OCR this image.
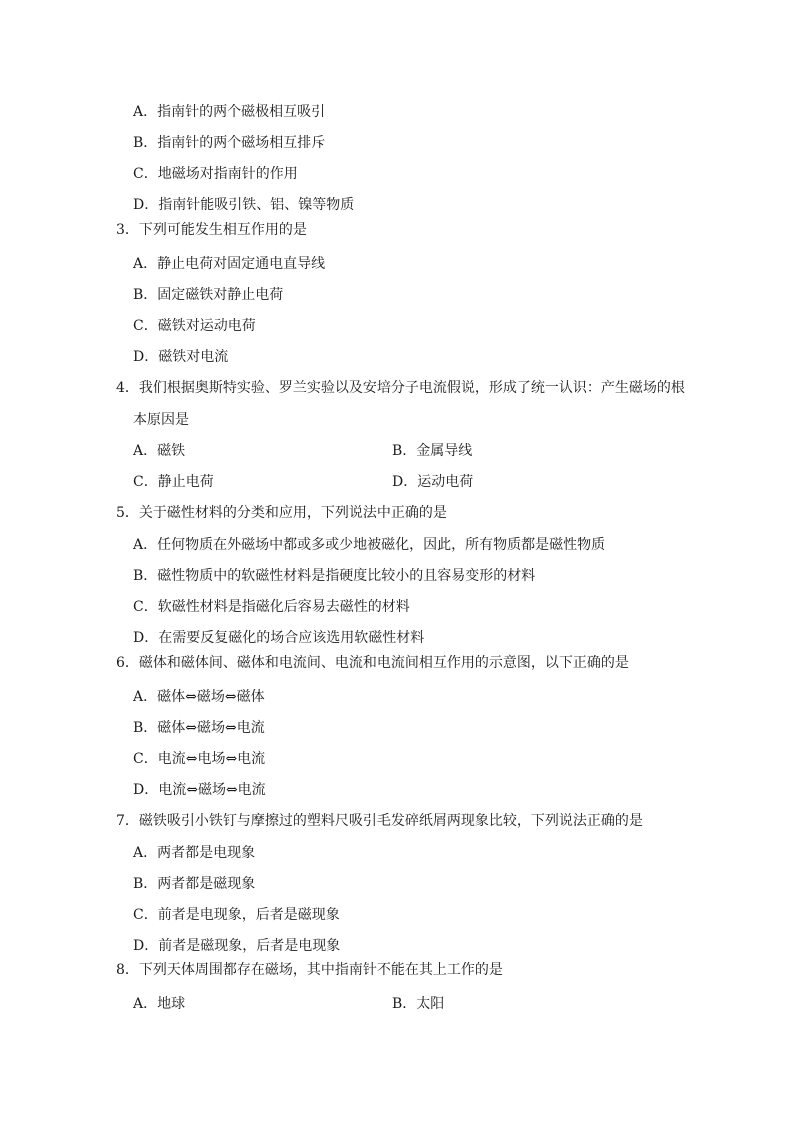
A．指南针的两个磁极相互吸引
B．指南针的两个磁场相互排斥
C．地磁场对指南针的作用
D．指南针能吸引铁、铝、镍等物质
3．下列可能发生相互作用的是
A．静止电荷对固定通电直导线
B．固定磁铁对静止电荷
C．磁铁对运动电荷
D．磁铁对电流
4．我们根据奥斯特实验、罗兰实验以及安培分子电流假说，形成了统一认识：产生磁场的根
本原因是
A．磁铁	B．金属导线
C．静止电荷	D．运动电荷
5．关于磁性材料的分类和应用，下列说法中正确的是
A．任何物质在外磁场中都或多或少地被磁化，因此，所有物质都是磁性物质
B．磁性物质中的软磁性材料是指硬度比较小的且容易变形的材料
C．软磁性材料是指磁化后容易去磁性的材料
D．在需要反复磁化的场合应该选用软磁性材料
6．磁体和磁体间、磁体和电流间、电流和电流间相互作用的示意图，以下正确的是
A．磁体⇔磁场⇔磁体
B．磁体⇔磁场⇔电流
C．电流⇔电场⇔电流
D．电流⇔磁场⇔电流
7．磁铁吸引小铁钉与摩擦过的塑料尺吸引毛发碎纸屑两现象比较，下列说法正确的是
A．两者都是电现象
B．两者都是磁现象
C．前者是电现象，后者是磁现象
D．前者是磁现象，后者是电现象
8．下列天体周围都存在磁场，其中指南针不能在其上工作的是
A．地球	B．太阳
